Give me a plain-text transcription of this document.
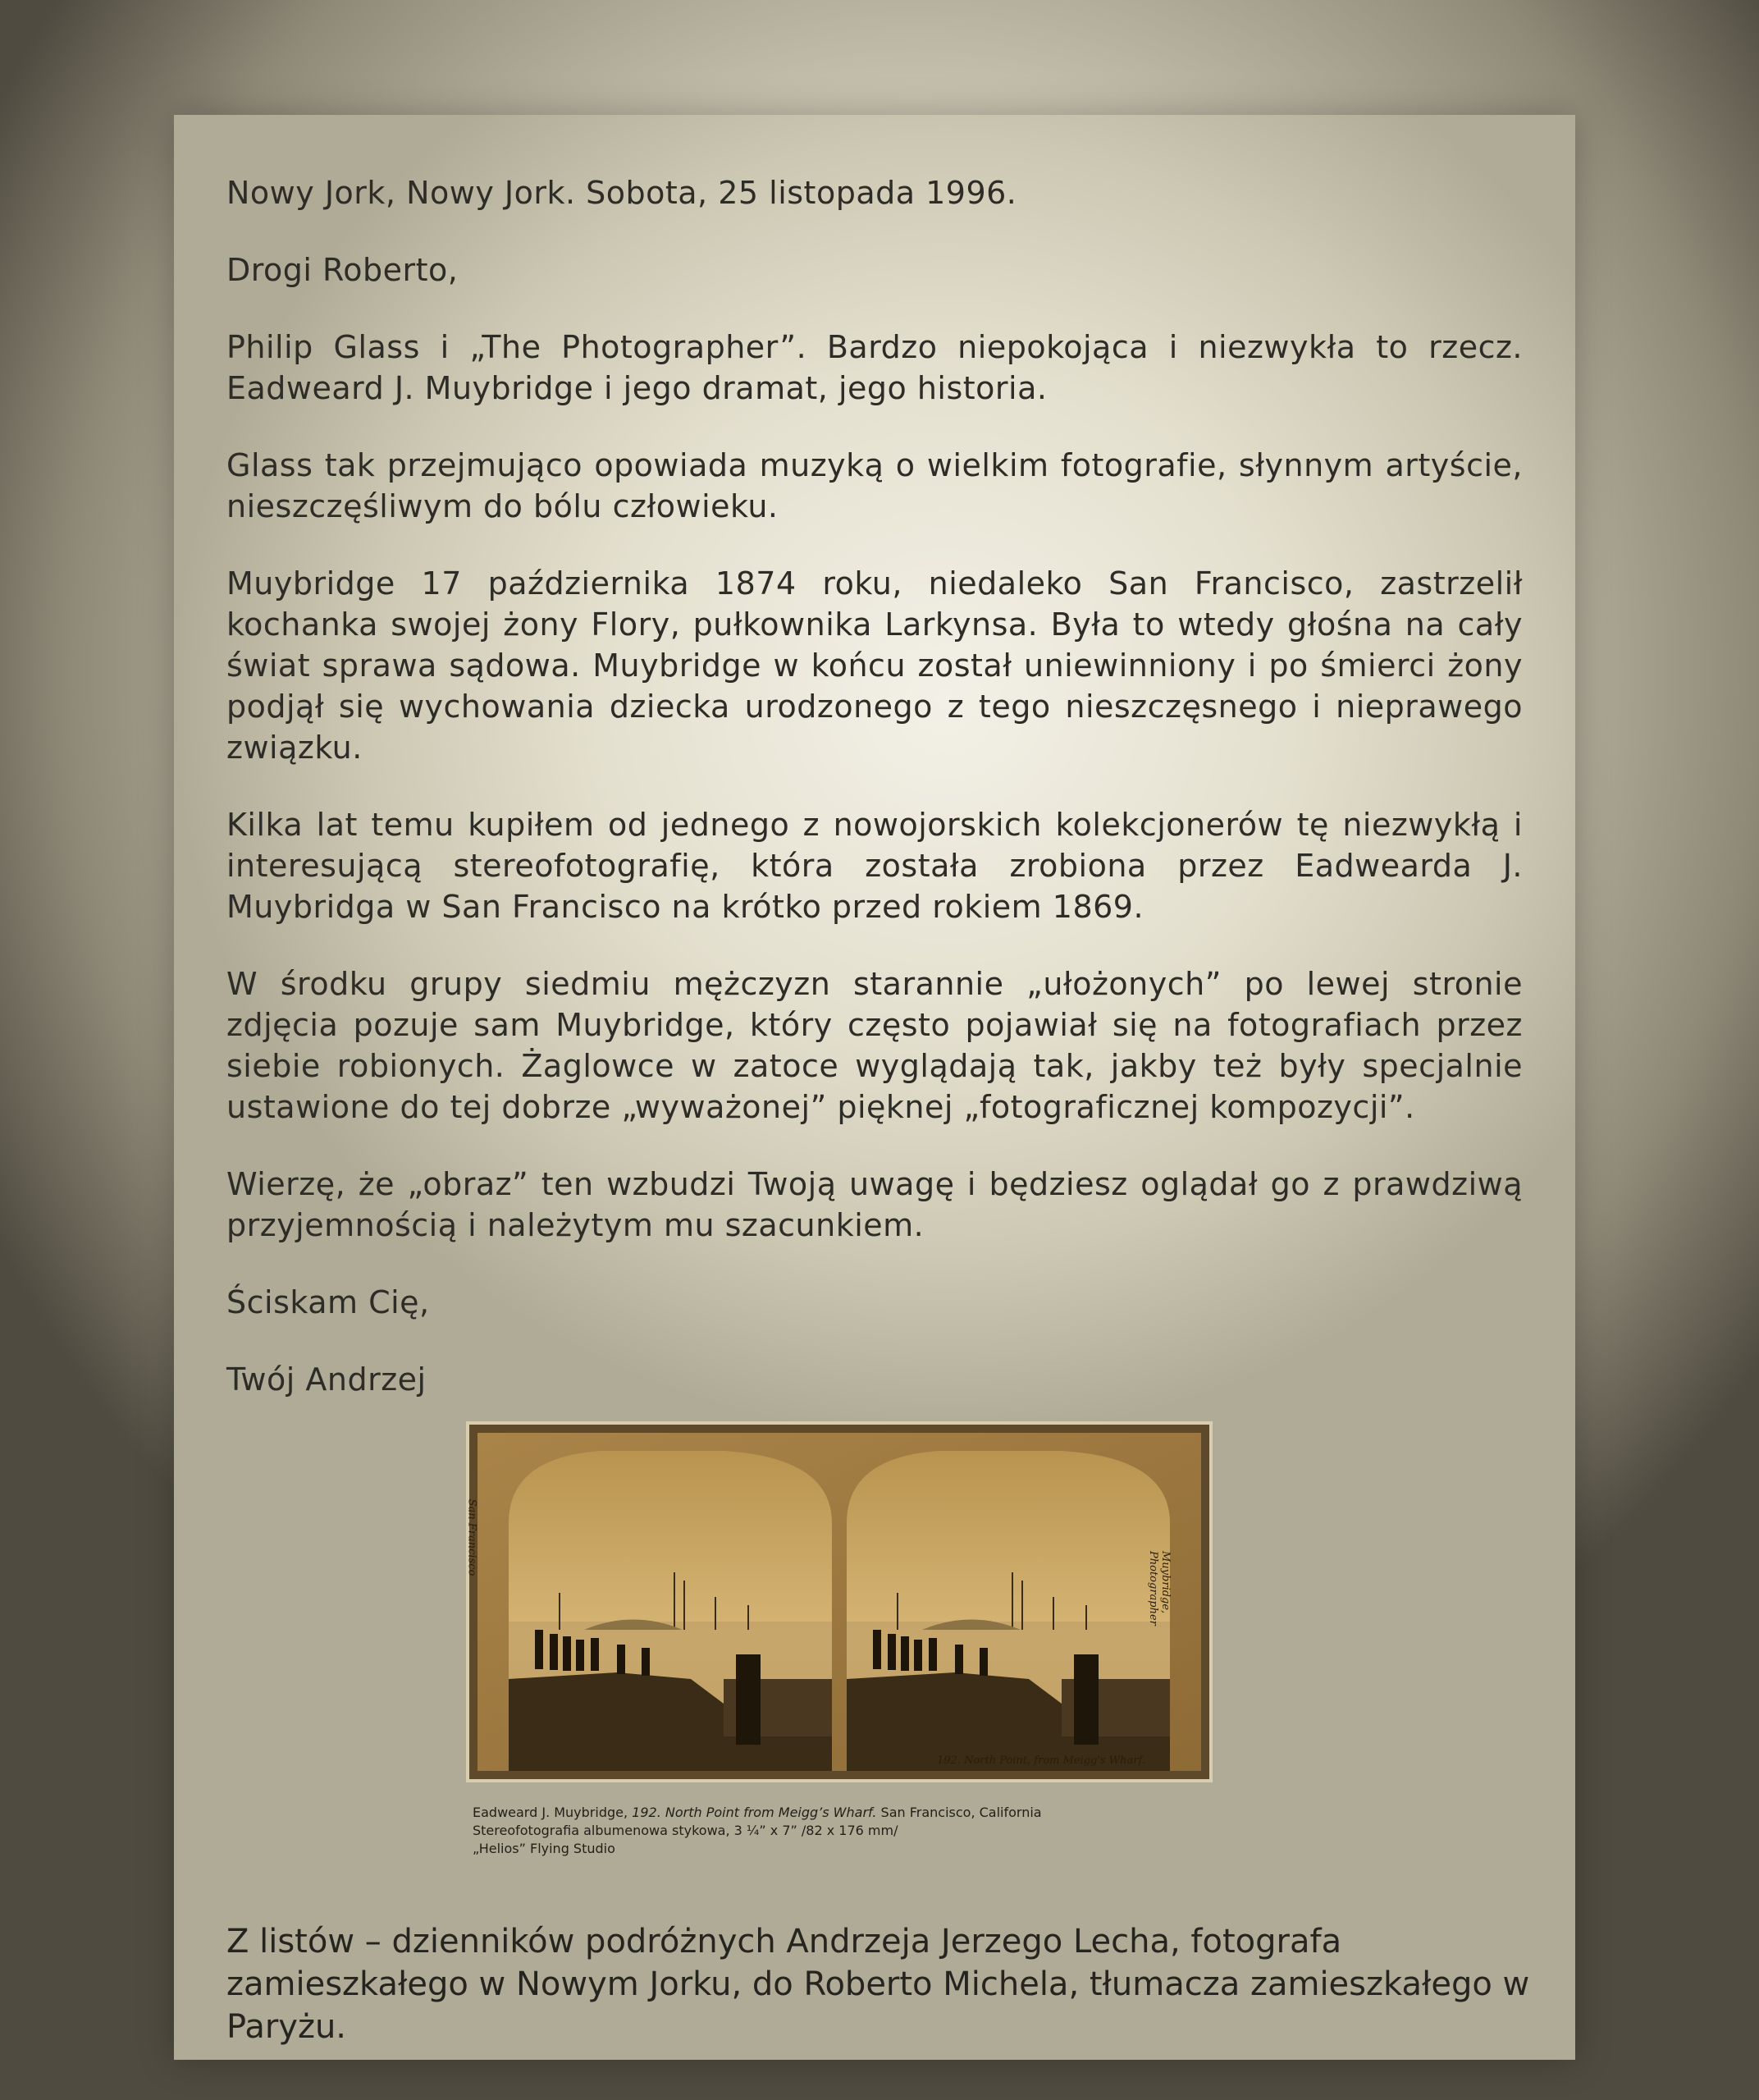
Nowy Jork, Nowy Jork. Sobota, 25 listopada 1996.

Drogi Roberto,

Philip Glass i „The Photographer”. Bardzo niepokojąca i niezwykła to rzecz. Eadweard J. Muybridge i jego dramat, jego historia.

Glass tak przejmująco opowiada muzyką o wielkim fotografie, słynnym artyście, nieszczęśliwym do bólu człowieku.

Muybridge 17 października 1874 roku, niedaleko San Francisco, zastrzelił kochanka swojej żony Flory, pułkownika Larkynsa. Była to wtedy głośna na cały świat sprawa sądowa. Muybridge w końcu został uniewinniony i po śmierci żony podjął się wychowania dziecka urodzonego z tego nieszczęsnego i nieprawego związku.

Kilka lat temu kupiłem od jednego z nowojorskich kolekcjonerów tę niezwykłą i interesującą stereofotografię, która została zrobiona przez Eadwearda J. Muybridga w San Francisco na krótko przed rokiem 1869.

W środku grupy siedmiu mężczyzn starannie „ułożonych” po lewej stronie zdjęcia pozuje sam Muybridge, który często pojawiał się na fotografiach przez siebie robionych. Żaglowce w zatoce wyglądają tak, jakby też były specjalnie ustawione do tej dobrze „wyważonej” pięknej „fotograficznej kompozycji”.

Wierzę, że „obraz” ten wzbudzi Twoją uwagę i będziesz oglądał go z prawdziwą przyjemnością i należytym mu szacunkiem.

Ściskam Cię,

Twój Andrzej

192. North Point, from Meigg's Wharf.
San Francisco
Muybridge, Photographer
Eadweard J. Muybridge, 192. North Point from Meigg’s Wharf. San Francisco, California
Stereofotografia albumenowa stykowa, 3 ¼” x 7” /82 x 176 mm/
„Helios” Flying Studio
Z listów – dzienników podróżnych Andrzeja Jerzego Lecha, fotografa zamieszkałego w Nowym Jorku, do Roberto Michela, tłumacza zamieszkałego w Paryżu.
